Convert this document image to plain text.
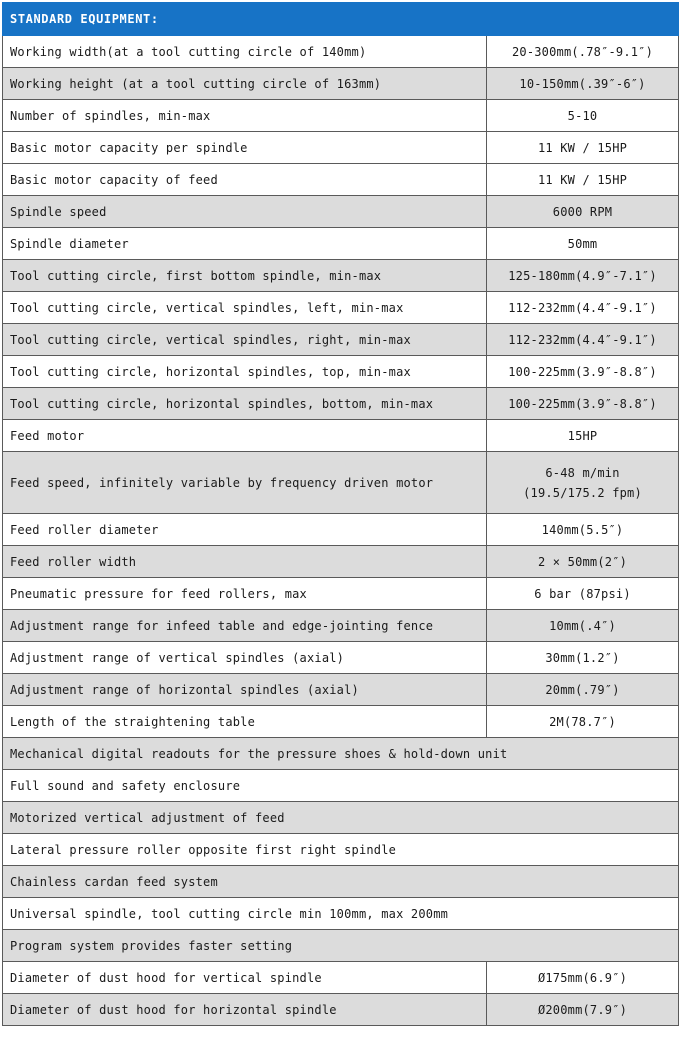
STANDARD EQUIPMENT:	
Working width(at a tool cutting circle of 140mm)	20-300mm(.78″-9.1″)
Working height (at a tool cutting circle of 163mm)	10-150mm(.39″-6″)
Number of spindles, min-max	5-10
Basic motor capacity per spindle	11 KW / 15HP
Basic motor capacity of feed	11 KW / 15HP
Spindle speed	6000 RPM
Spindle diameter	50mm
Tool cutting circle, first bottom spindle, min-max	125-180mm(4.9″-7.1″)
Tool cutting circle, vertical spindles, left, min-max	112-232mm(4.4″-9.1″)
Tool cutting circle, vertical spindles, right, min-max	112-232mm(4.4″-9.1″)
Tool cutting circle, horizontal spindles, top, min-max	100-225mm(3.9″-8.8″)
Tool cutting circle, horizontal spindles, bottom, min-max	100-225mm(3.9″-8.8″)
Feed motor	15HP
Feed speed, infinitely variable by frequency driven motor	6-48 m/min
(19.5/175.2 fpm)

Feed roller diameter	140mm(5.5″)
Feed roller width	2 × 50mm(2″)
Pneumatic pressure for feed rollers, max	6 bar (87psi)
Adjustment range for infeed table and edge-jointing fence	10mm(.4″)
Adjustment range of vertical spindles (axial)	30mm(1.2″)
Adjustment range of horizontal spindles (axial)	20mm(.79″)
Length of the straightening table	2M(78.7″)
Mechanical digital readouts for the pressure shoes & hold-down unit	
Full sound and safety enclosure	
Motorized vertical adjustment of feed	
Lateral pressure roller opposite first right spindle	
Chainless cardan feed system	
Universal spindle, tool cutting circle min 100mm, max 200mm	
Program system provides faster setting	
Diameter of dust hood for vertical spindle	Ø175mm(6.9″)
Diameter of dust hood for horizontal spindle	Ø200mm(7.9″)
